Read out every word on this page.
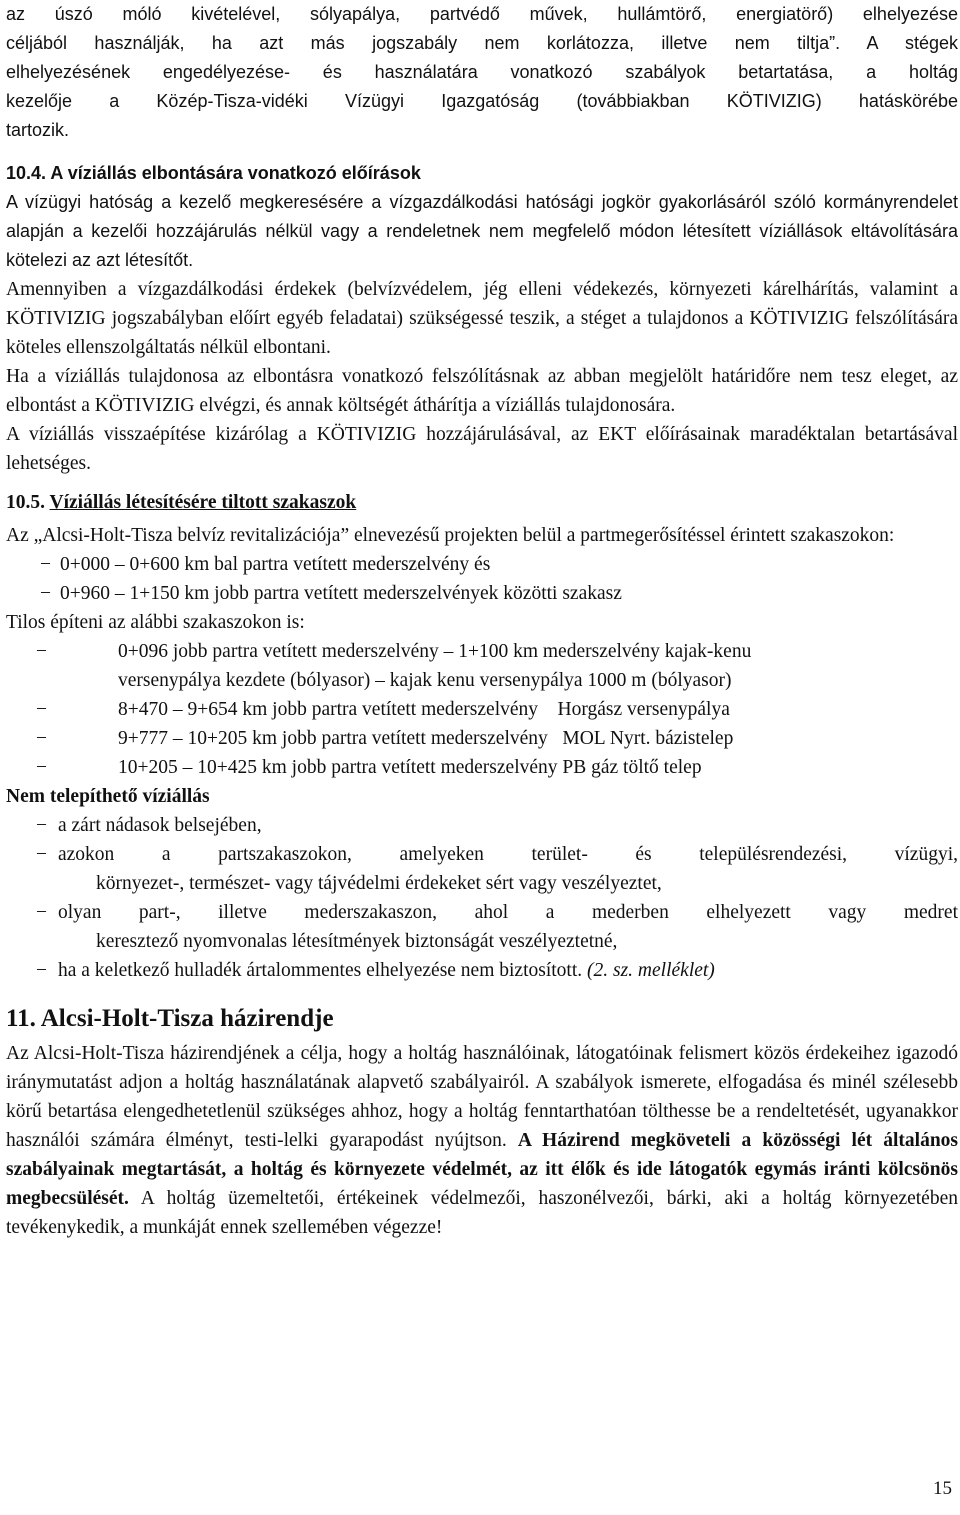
az úszó móló kivételével, sólyapálya, partvédő művek, hullámtörő, energiatörő) elhelyezése

céljából használják, ha azt más jogszabály nem korlátozza, illetve nem tiltja”. A stégek

elhelyezésének engedélyezése- és használatára vonatkozó szabályok betartatása, a holtág

kezelője a Közép-Tisza-vidéki Vízügyi Igazgatóság (továbbiakban KÖTIVIZIG) hatáskörébe

tartozik.

10.4. A víziállás elbontására vonatkozó előírások

A vízügyi hatóság a kezelő megkeresésére a vízgazdálkodási hatósági jogkör gyakorlásáról szóló kormányrendelet alapján a kezelői hozzájárulás nélkül vagy a rendeletnek nem megfelelő módon létesített víziállások eltávolítására kötelezi az azt létesítőt.

Amennyiben a vízgazdálkodási érdekek (belvízvédelem, jég elleni védekezés, környezeti kárelhárítás, valamint a KÖTIVIZIG jogszabályban előírt egyéb feladatai) szükségessé teszik, a stéget a tulajdonos a KÖTIVIZIG felszólítására köteles ellenszolgáltatás nélkül elbontani.

Ha a víziállás tulajdonosa az elbontásra vonatkozó felszólításnak az abban megjelölt határidőre nem tesz eleget, az elbontást a KÖTIVIZIG elvégzi, és annak költségét áthárítja a víziállás tulajdonosára.

A víziállás visszaépítése kizárólag a KÖTIVIZIG hozzájárulásával, az EKT előírásainak maradéktalan betartásával lehetséges.

10.5. Víziállás létesítésére tiltott szakaszok

Az „Alcsi-Holt-Tisza belvíz revitalizációja” elnevezésű projekten belül a partmegerősítéssel érintett szakaszokon:

− 0+000 – 0+600 km bal partra vetített mederszelvény és
− 0+960 – 1+150 km jobb partra vetített mederszelvények közötti szakasz

Tilos építeni az alábbi szakaszokon is:

−	0+096 jobb partra vetített mederszelvény – 1+100 km mederszelvény kajak-kenu
versenypálya kezdete (bólyasor) – kajak kenu versenypálya 1000 m (bólyasor)
−	8+470 – 9+654 km jobb partra vetített mederszelvény    Horgász versenypálya
−	9+777 – 10+205 km jobb partra vetített mederszelvény   MOL Nyrt. bázistelep
−	10+205 – 10+425 km jobb partra vetített mederszelvény PB gáz töltő telep
Nem telepíthető víziállás
− a zárt nádasok belsejében,
− azokon a partszakaszokon, amelyeken terület- és településrendezési, vízügyi,
környezet-, természet- vagy tájvédelmi érdekeket sért vagy veszélyeztet,
− olyan part-, illetve mederszakaszon, ahol a mederben elhelyezett vagy medret
keresztező nyomvonalas létesítmények biztonságát veszélyeztetné,
− ha a keletkező hulladék ártalommentes elhelyezése nem biztosított. (2. sz. melléklet)
11. Alcsi-Holt-Tisza házirendje

Az Alcsi-Holt-Tisza házirendjének a célja, hogy a holtág használóinak, látogatóinak felismert közös érdekeihez igazodó iránymutatást adjon a holtág használatának alapvető szabályairól. A szabályok ismerete, elfogadása és minél szélesebb körű betartása elengedhetetlenül szükséges ahhoz, hogy a holtág fenntarthatóan tölthesse be a rendeltetését, ugyanakkor használói számára élményt, testi-lelki gyarapodást nyújtson. A Házirend megköveteli a közösségi lét általános szabályainak megtartását, a holtág és környezete védelmét, az itt élők és ide látogatók egymás iránti kölcsönös megbecsülését. A holtág üzemeltetői, értékeinek védelmezői, haszonélvezői, bárki, aki a holtág környezetében tevékenykedik, a munkáját ennek szellemében végezze!

15
